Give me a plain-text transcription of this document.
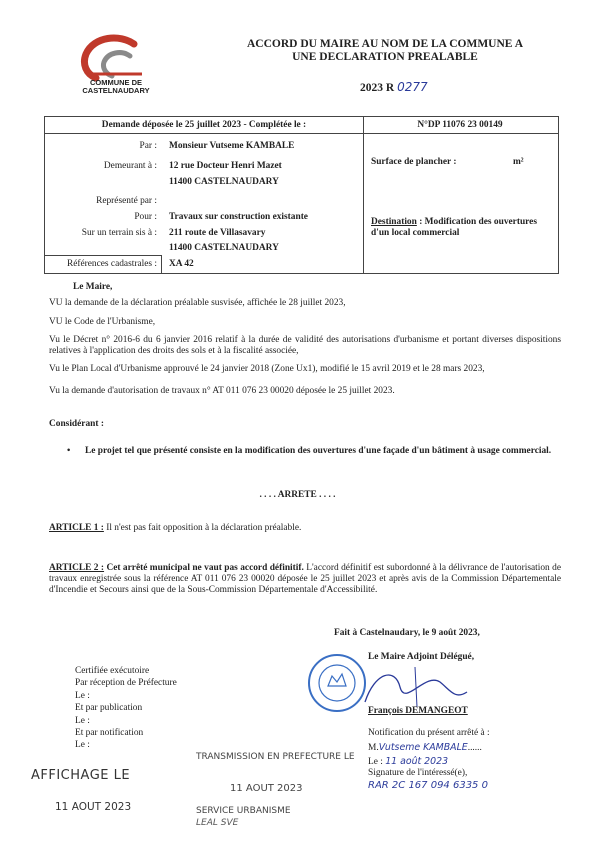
COMMUNE DE CASTELNAUDARY
ACCORD DU MAIRE AU NOM DE LA COMMUNE A
UNE DECLARATION PREALABLE
2023 R 0277
Demande déposée le 25 juillet 2023 - Complétée le :	N°DP 11076 23 00149
Par : Monsieur Vutseme KAMBALE
Demeurant à : 12 rue Docteur Henri Mazet
11400 CASTELNAUDARY
Représenté par :
Pour : Travaux sur construction existante
Sur un terrain sis à : 211 route de Villasavary
11400 CASTELNAUDARY
Références cadastrales : XA 42
Surface de plancher :	m²
Destination : Modification des ouvertures d'un local commercial
Le Maire,
VU la demande de la déclaration préalable susvisée, affichée le 28 juillet 2023,
VU le Code de l'Urbanisme,
Vu le Décret n° 2016-6 du 6 janvier 2016 relatif à la durée de validité des autorisations d'urbanisme et portant diverses dispositions relatives à l'application des droits des sols et à la fiscalité associée,
Vu le Plan Local d'Urbanisme approuvé le 24 janvier 2018 (Zone Ux1), modifié le 15 avril 2019 et le 28 mars 2023,
Vu la demande d'autorisation de travaux n° AT 011 076 23 00020 déposée le 25 juillet 2023.
Considérant :
• Le projet tel que présenté consiste en la modification des ouvertures d'une façade d'un bâtiment à usage commercial.
. . . . ARRETE . . . .
ARTICLE 1 : Il n'est pas fait opposition à la déclaration préalable.
ARTICLE 2 : Cet arrêté municipal ne vaut pas accord définitif. L'accord définitif est subordonné à la délivrance de l'autorisation de travaux enregistrée sous la référence AT 011 076 23 00020 déposée le 25 juillet 2023 et après avis de la Commission Départementale d'Incendie et Secours ainsi que de la Sous-Commission Départementale d'Accessibilité.
Fait à Castelnaudary, le 9 août 2023,
Le Maire Adjoint Délégué,
François DEMANGEOT
Notification du présent arrêté à :
M.Vutseme KAMBALE......
Le : 11 août 2023
Signature de l'intéressé(e),
RAR 2C 167 094 6335 0
Certifiée exécutoire
Par réception de Préfecture
Le :
Et par publication
Le :
Et par notification
Le :
AFFICHAGE LE
11 AOUT 2023
TRANSMISSION EN PREFECTURE LE
11 AOUT 2023
SERVICE URBANISME
LEAL SVE
